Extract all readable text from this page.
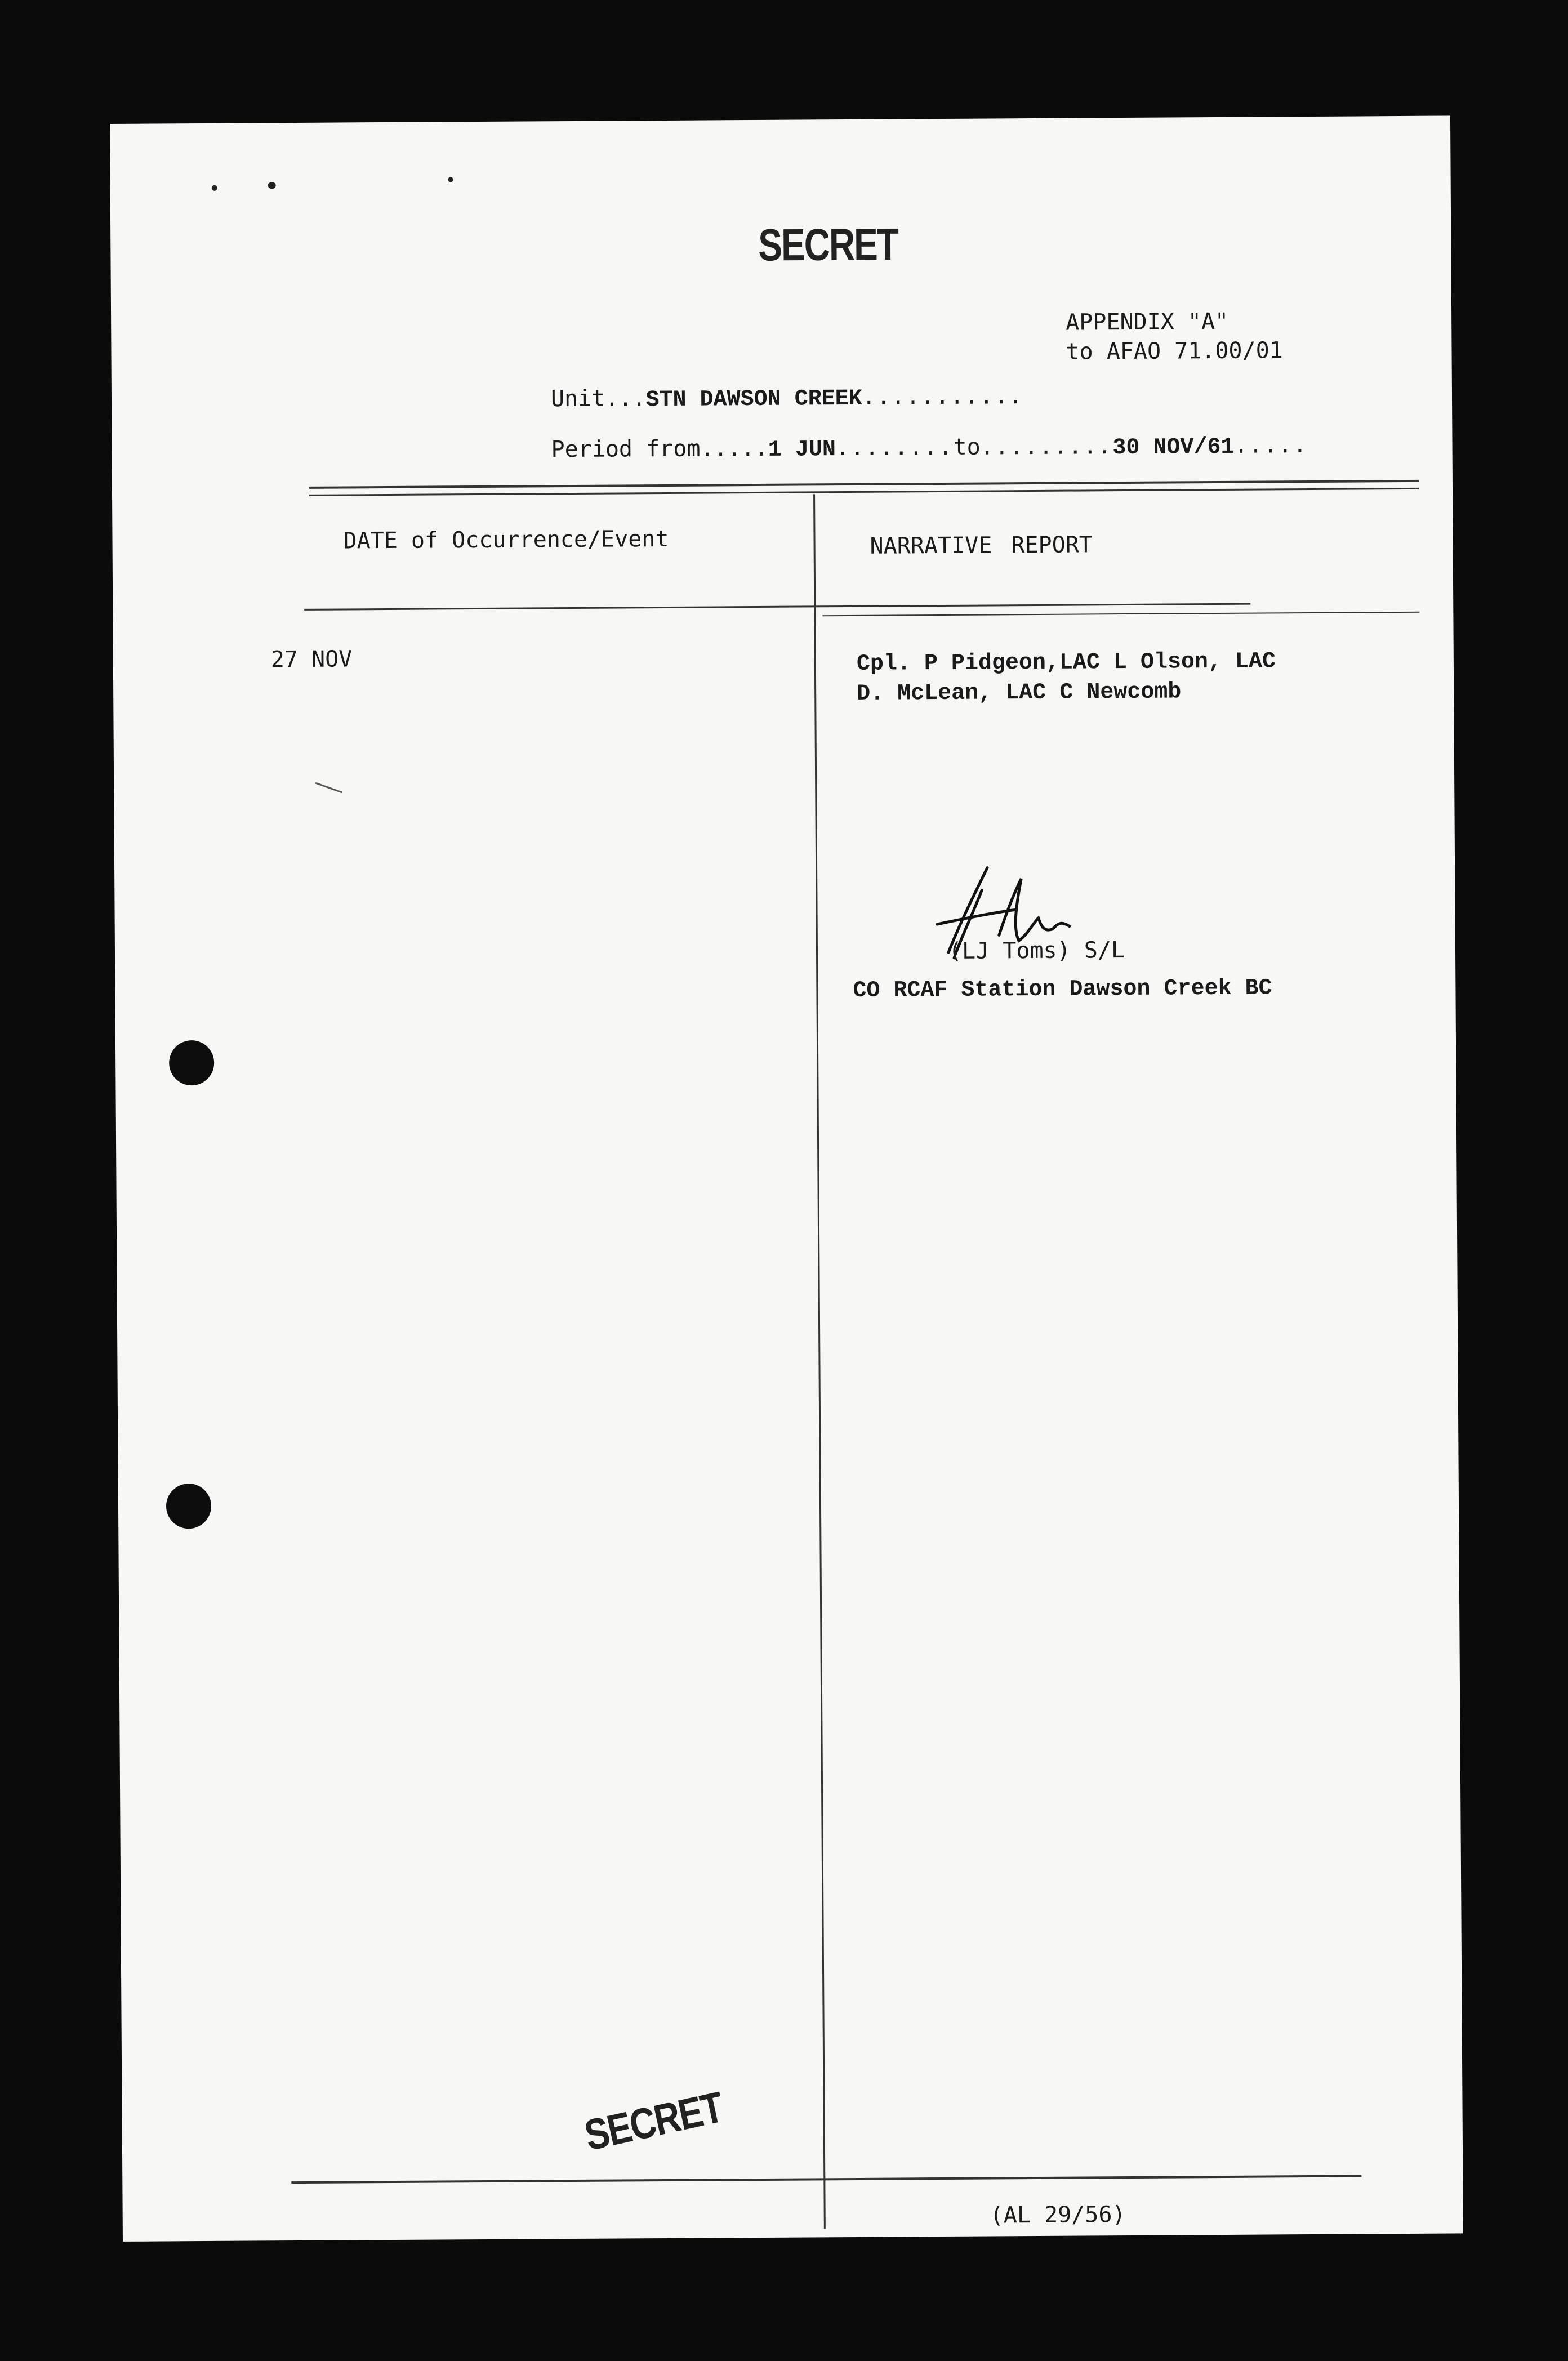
SECRET
APPENDIX "A"
to AFAO 71.00/01
Unit...STN DAWSON CREEK...........
Period from.....1 JUN........to.........30 NOV/61.....
DATE of Occurrence/Event	NARRATIVE REPORT
27 NOV	Cpl. P Pidgeon,LAC L Olson, LAC
D. McLean, LAC C Newcomb
(LJ Toms) S/L
CO RCAF Station Dawson Creek BC
SECRET
(AL 29/56)
